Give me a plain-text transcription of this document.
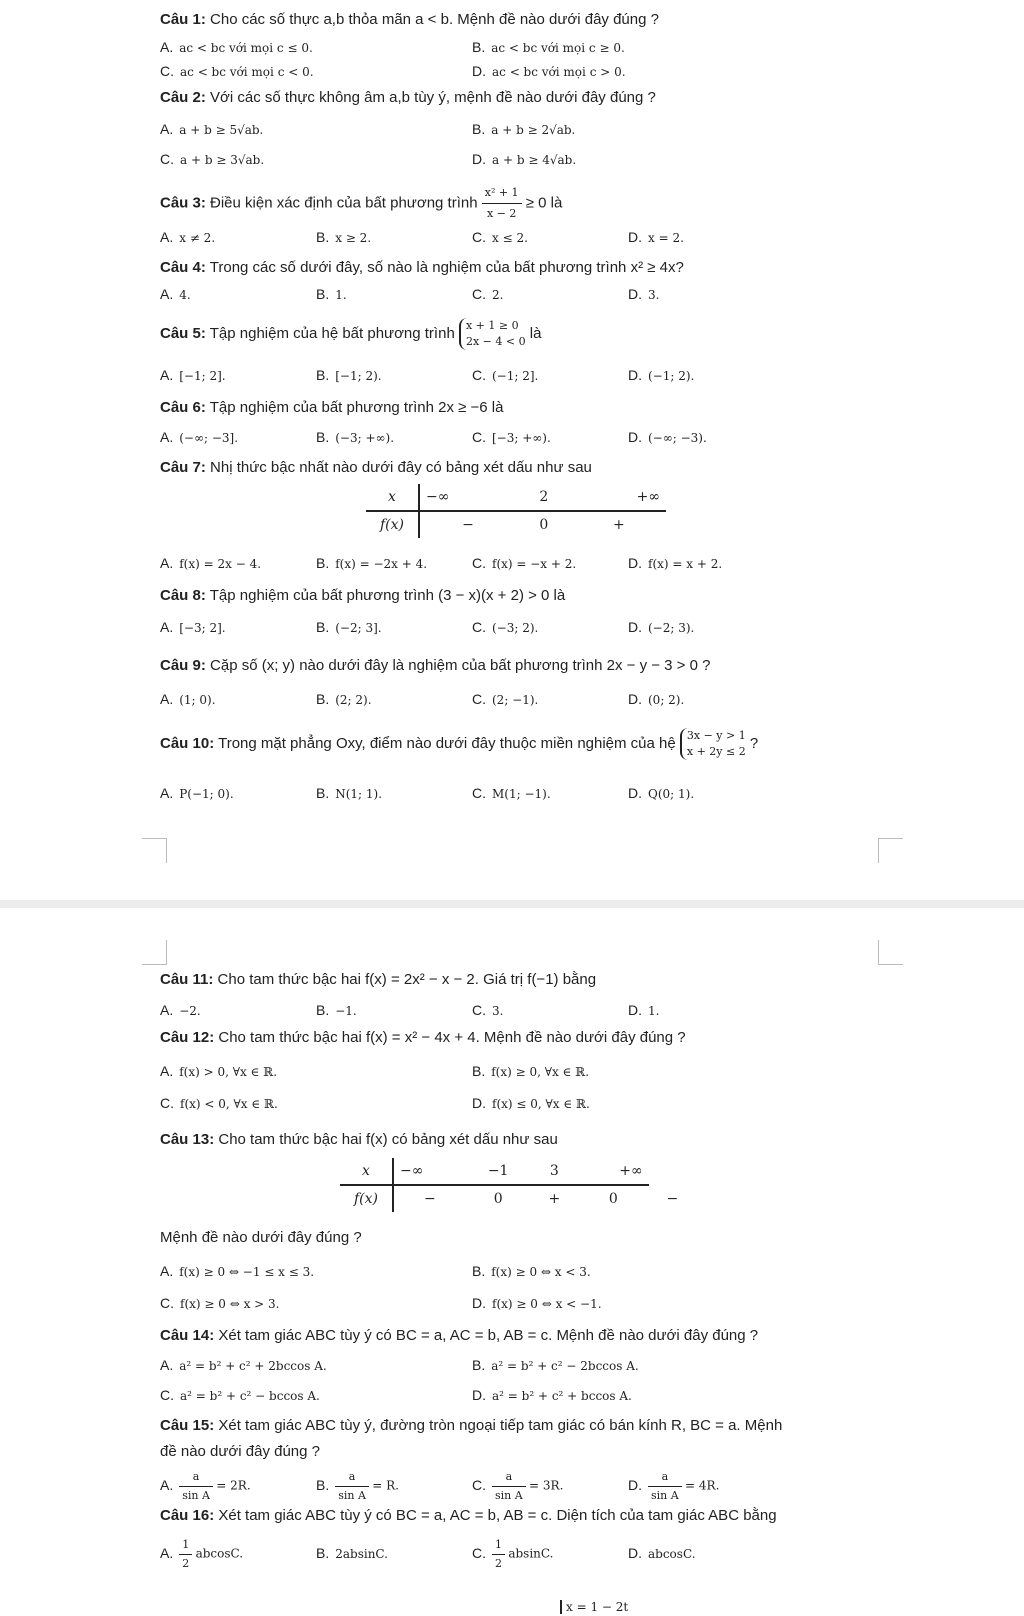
Câu 1: Cho các số thực a,b thỏa mãn a < b. Mệnh đề nào dưới đây đúng ?
A. ac < bc với mọi c ≤ 0.	B. ac < bc với mọi c ≥ 0.
C. ac < bc với mọi c < 0.	D. ac < bc với mọi c > 0.
Câu 2: Với các số thực không âm a,b tùy ý, mệnh đề nào dưới đây đúng ?
A. a + b ≥ 5√ab.	B. a + b ≥ 2√ab.
C. a + b ≥ 3√ab.	D. a + b ≥ 4√ab.
Câu 3: Điều kiện xác định của bất phương trình $\frac{\text{x² + 1}}{x - 2} \ge 0$ là
A. x ≠ 2.	B. x ≥ 2.	C. x ≤ 2.	D. x = 2.
Câu 4: Trong các số dưới đây, số nào là nghiệm của bất phương trình x² ≥ 4x?
A. 4.	B. 1.	C. 2.	D. 3.
Câu 5: Tập nghiệm của hệ bất phương trình x + 1 ≥ 0
2x − 4 < 0 là
A. [−1; 2].	B. [−1; 2).	C. (−1; 2].	D. (−1; 2).
Câu 6: Tập nghiệm của bất phương trình 2x ≥ −6 là
A. (−∞; −3].	B. (−3; +∞).	C. [−3; +∞).	D. (−∞; −3).
Câu 7: Nhị thức bậc nhất nào dưới đây có bảng xét dấu như sau
x	−∞	2	+∞
f(x)	−	0	+
A. f(x) = 2x − 4.	B. f(x) = −2x + 4.	C. f(x) = −x + 2.	D. f(x) = x + 2.
Câu 8: Tập nghiệm của bất phương trình (3 − x)(x + 2) > 0 là
A. [−3; 2].	B. (−2; 3].	C. (−3; 2).	D. (−2; 3).
Câu 9: Cặp số (x; y) nào dưới đây là nghiệm của bất phương trình 2x − y − 3 > 0 ?
A. (1; 0).	B. (2; 2).	C. (2; −1).	D. (0; 2).
Câu 10: Trong mặt phẳng Oxy, điểm nào dưới đây thuộc miền nghiệm của hệ 3x − y > 1
x + 2y ≤ 2 ?
A. P(−1; 0).	B. N(1; 1).	C. M(1; −1).	D. Q(0; 1).
Câu 11: Cho tam thức bậc hai f(x) = 2x² − x − 2. Giá trị f(−1) bằng
A. −2.	B. −1.	C. 3.	D. 1.
Câu 12: Cho tam thức bậc hai f(x) = x² − 4x + 4. Mệnh đề nào dưới đây đúng ?
A. f(x) > 0, ∀x ∈ ℝ.	B. f(x) ≥ 0, ∀x ∈ ℝ.
C. f(x) < 0, ∀x ∈ ℝ.	D. f(x) ≤ 0, ∀x ∈ ℝ.
Câu 13: Cho tam thức bậc hai f(x) có bảng xét dấu như sau
x	−∞	−1	3	+∞	
f(x)	−	0	+	0	−
Mệnh đề nào dưới đây đúng ?
A. f(x) ≥ 0 ⇔ −1 ≤ x ≤ 3.	B. f(x) ≥ 0 ⇔ x < 3.
C. f(x) ≥ 0 ⇔ x > 3.	D. f(x) ≥ 0 ⇔ x < −1.
Câu 14: Xét tam giác ABC tùy ý có BC = a, AC = b, AB = c. Mệnh đề nào dưới đây đúng ?
A. a² = b² + c² + 2bccos A.	B. a² = b² + c² − 2bccos A.
C. a² = b² + c² − bccos A.	D. a² = b² + c² + bccos A.
Câu 15: Xét tam giác ABC tùy ý, đường tròn ngoại tiếp tam giác có bán kính R, BC = a. Mệnh
đề nào dưới đây đúng ?
A. $\frac{a}{\text{sin A}} = 2R$.	B. $\frac{a}{\text{sin A}} = R$.	C. $\frac{a}{\text{sin A}} = 3R$.	D. $\frac{a}{\text{sin A}} = 4R$.
Câu 16: Xét tam giác ABC tùy ý có BC = a, AC = b, AB = c. Diện tích của tam giác ABC bằng
A. $\frac{1}{2} abcosC$.	B. 2absinC.	C. $\frac{1}{2} absinC$.	D. abcosC.
x = 1 − 2t
